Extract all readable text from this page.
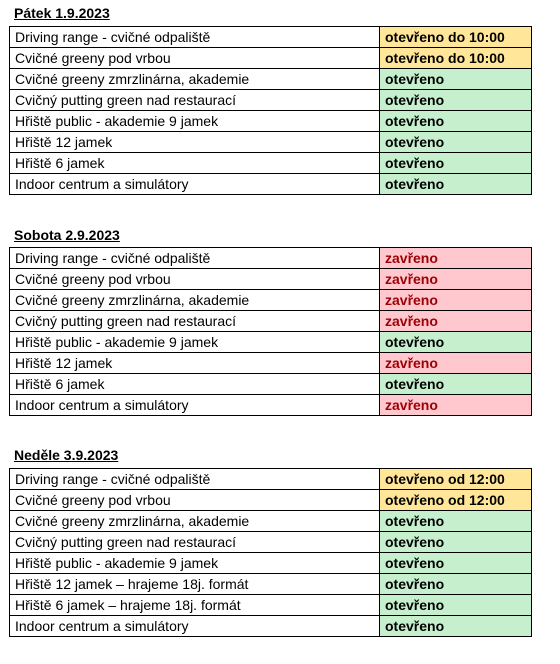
Pátek 1.9.2023
Driving range - cvičné odpaliště	otevřeno do 10:00
Cvičné greeny pod vrbou	otevřeno do 10:00
Cvičné greeny zmrzlinárna, akademie	otevřeno
Cvičný putting green nad restaurací	otevřeno
Hřiště public - akademie 9 jamek	otevřeno
Hřiště 12 jamek	otevřeno
Hřiště 6 jamek	otevřeno
Indoor centrum a simulátory	otevřeno
Sobota 2.9.2023
Driving range - cvičné odpaliště	zavřeno
Cvičné greeny pod vrbou	zavřeno
Cvičné greeny zmrzlinárna, akademie	zavřeno
Cvičný putting green nad restaurací	zavřeno
Hřiště public - akademie 9 jamek	otevřeno
Hřiště 12 jamek	zavřeno
Hřiště 6 jamek	otevřeno
Indoor centrum a simulátory	zavřeno
Neděle 3.9.2023
Driving range - cvičné odpaliště	otevřeno od 12:00
Cvičné greeny pod vrbou	otevřeno od 12:00
Cvičné greeny zmrzlinárna, akademie	otevřeno
Cvičný putting green nad restaurací	otevřeno
Hřiště public - akademie 9 jamek	otevřeno
Hřiště 12 jamek – hrajeme 18j. formát	otevřeno
Hřiště 6 jamek – hrajeme 18j. formát	otevřeno
Indoor centrum a simulátory	otevřeno
